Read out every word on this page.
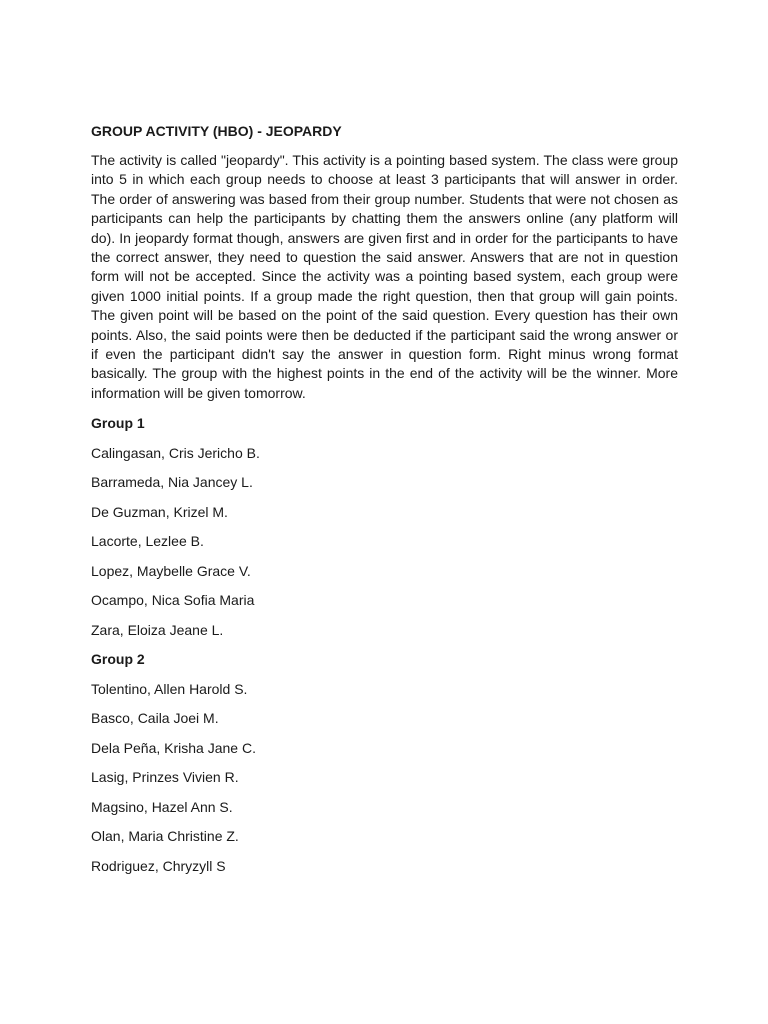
GROUP ACTIVITY (HBO) - JEOPARDY
The activity is called "jeopardy". This activity is a pointing based system. The class were group into 5 in which each group needs to choose at least 3 participants that will answer in order. The order of answering was based from their group number. Students that were not chosen as participants can help the participants by chatting them the answers online (any platform will do). In jeopardy format though, answers are given first and in order for the participants to have the correct answer, they need to question the said answer. Answers that are not in question form will not be accepted. Since the activity was a pointing based system, each group were given 1000 initial points. If a group made the right question, then that group will gain points. The given point will be based on the point of the said question. Every question has their own points. Also, the said points were then be deducted if the participant said the wrong answer or if even the participant didn't say the answer in question form. Right minus wrong format basically. The group with the highest points in the end of the activity will be the winner. More information will be given tomorrow.
Group 1
Calingasan, Cris Jericho B.
Barrameda, Nia Jancey L.
De Guzman, Krizel M.
Lacorte, Lezlee B.
Lopez, Maybelle Grace V.
Ocampo, Nica Sofia Maria
Zara, Eloiza Jeane L.
Group 2
Tolentino, Allen Harold S.
Basco, Caila Joei M.
Dela Peña, Krisha Jane C.
Lasig, Prinzes Vivien R.
Magsino, Hazel Ann S.
Olan, Maria Christine Z.
Rodriguez, Chryzyll S
